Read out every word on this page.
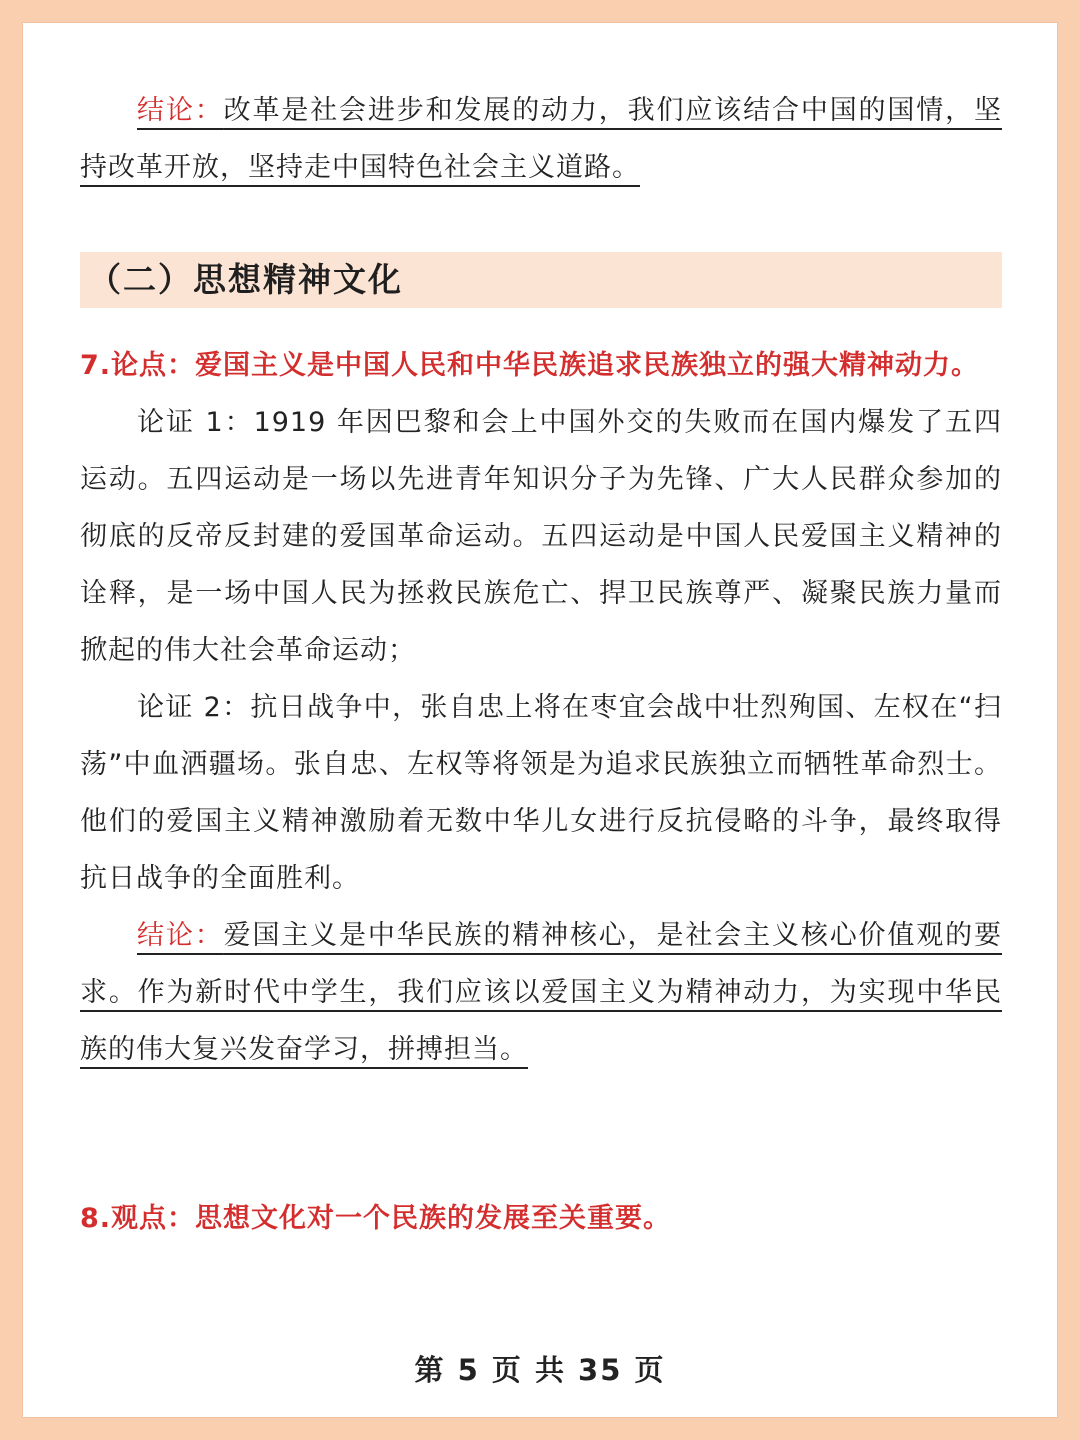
结论：改革是社会进步和发展的动力，我们应该结合中国的国情，坚持改革开放，坚持走中国特色社会主义道路。

（二）思想精神文化

7.论点：爱国主义是中国人民和中华民族追求民族独立的强大精神动力。

论证 1：1919 年因巴黎和会上中国外交的失败而在国内爆发了五四运动。五四运动是一场以先进青年知识分子为先锋、广大人民群众参加的彻底的反帝反封建的爱国革命运动。五四运动是中国人民爱国主义精神的诠释，是一场中国人民为拯救民族危亡、捍卫民族尊严、凝聚民族力量而掀起的伟大社会革命运动；

论证 2：抗日战争中，张自忠上将在枣宜会战中壮烈殉国、左权在“扫荡”中血洒疆场。张自忠、左权等将领是为追求民族独立而牺牲革命烈士。他们的爱国主义精神激励着无数中华儿女进行反抗侵略的斗争，最终取得抗日战争的全面胜利。

结论：爱国主义是中华民族的精神核心，是社会主义核心价值观的要求。作为新时代中学生，我们应该以爱国主义为精神动力，为实现中华民族的伟大复兴发奋学习，拼搏担当。

8.观点：思想文化对一个民族的发展至关重要。

第 5 页 共 35 页
